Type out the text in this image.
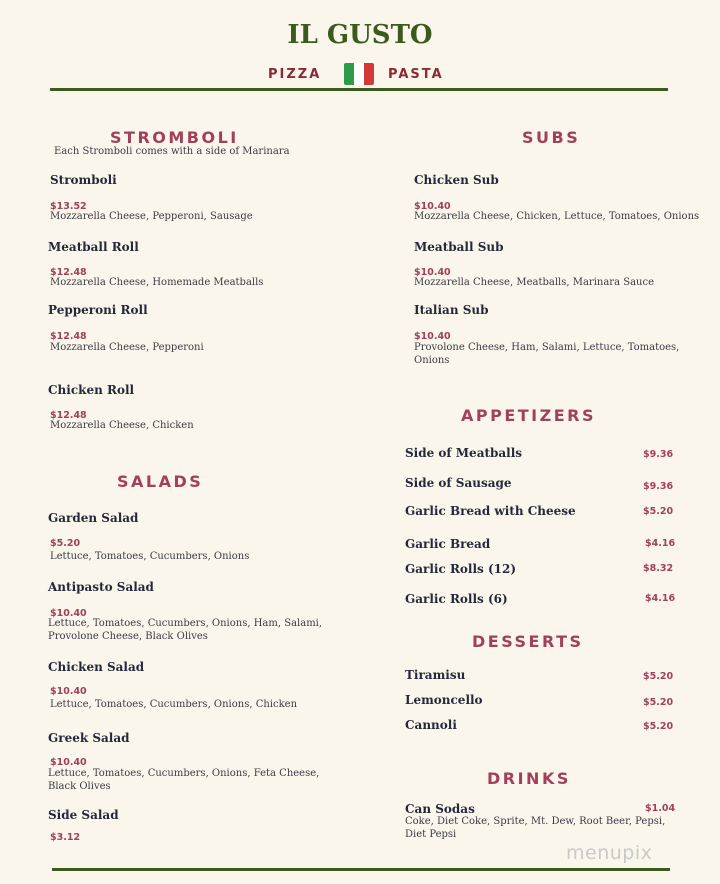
IL GUSTO
PIZZA	PASTA
STROMBOLI
Each Stromboli comes with a side of Marinara
Stromboli
$13.52
Mozzarella Cheese, Pepperoni, Sausage
Meatball Roll
$12.48
Mozzarella Cheese, Homemade Meatballs
Pepperoni Roll
$12.48
Mozzarella Cheese, Pepperoni
Chicken Roll
$12.48
Mozzarella Cheese, Chicken
SALADS
Garden Salad
$5.20
Lettuce, Tomatoes, Cucumbers, Onions
Antipasto Salad
$10.40
Lettuce, Tomatoes, Cucumbers, Onions, Ham, Salami,
Provolone Cheese, Black Olives
Chicken Salad
$10.40
Lettuce, Tomatoes, Cucumbers, Onions, Chicken
Greek Salad
$10.40
Lettuce, Tomatoes, Cucumbers, Onions, Feta Cheese,
Black Olives
Side Salad
$3.12
SUBS
Chicken Sub
$10.40
Mozzarella Cheese, Chicken, Lettuce, Tomatoes, Onions
Meatball Sub
$10.40
Mozzarella Cheese, Meatballs, Marinara Sauce
Italian Sub
$10.40
Provolone Cheese, Ham, Salami, Lettuce, Tomatoes,
Onions
APPETIZERS
Side of Meatballs	$9.36
Side of Sausage	$9.36
Garlic Bread with Cheese	$5.20
Garlic Bread	$4.16
Garlic Rolls (12)	$8.32
Garlic Rolls (6)	$4.16
DESSERTS
Tiramisu	$5.20
Lemoncello	$5.20
Cannoli	$5.20
DRINKS
Can Sodas	$1.04
Coke, Diet Coke, Sprite, Mt. Dew, Root Beer, Pepsi,
Diet Pepsi
menupix
